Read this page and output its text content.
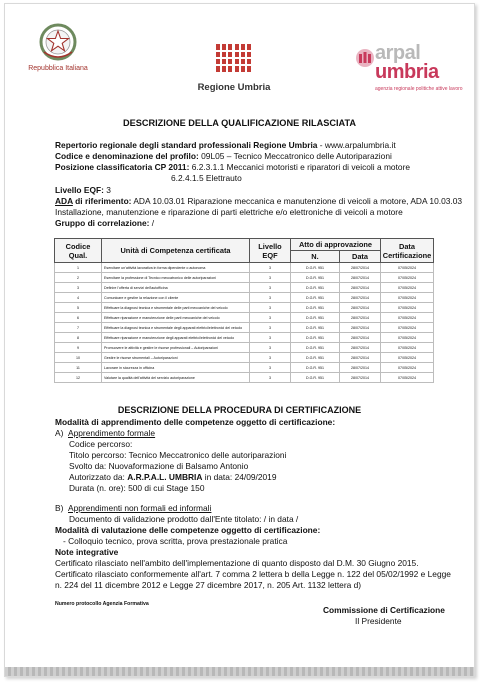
Repubblica Italiana
Regione Umbria
arpal
umbria
agenzia regionale politiche attive lavoro
DESCRIZIONE DELLA QUALIFICAZIONE RILASCIATA
Repertorio regionale degli standard professionali Regione Umbria - www.arpalumbria.it
Codice e denominazione del profilo: 09L05 – Tecnico Meccatronico delle Autoriparazioni
Posizione classificatoria CP 2011: 6.2.3.1.1 Meccanici motoristi e riparatori di veicoli a motore
6.2.4.1.5 Elettrauto
Livello EQF: 3
ADA di riferimento: ADA 10.03.01 Riparazione meccanica e manutenzione di veicoli a motore, ADA 10.03.03
Installazione, manutenzione e riparazione di parti elettriche e/o elettroniche di veicoli a motore
Gruppo di correlazione: /
Codice Qual.	Unità di Competenza certificata	Livello EQF	Atto di approvazione		Data Certificazione
			N.	Data	
1	Esercitare un'attività lavorativa in forma dipendente o autonoma	3	D.G.R. 951	28/07/2014	07/05/2024
2	Esercitare la professione di Tecnico meccatronico delle autoriparazioni	3	D.G.R. 951	28/07/2014	07/05/2024
3	Definire l'offerta di servizi dell'autofficina	3	D.G.R. 951	28/07/2014	07/05/2024
4	Comunicare e gestire la relazione con il cliente	3	D.G.R. 951	28/07/2014	07/05/2024
5	Effettuare la diagnosi tecnica e strumentale delle parti meccaniche del veicolo	3	D.G.R. 951	28/07/2014	07/05/2024
6	Effettuare riparazione e manutenzione delle parti meccaniche del veicolo	3	D.G.R. 951	28/07/2014	07/05/2024
7	Effettuare la diagnosi tecnica e strumentale degli apparati elettrici/elettronici del veicolo	3	D.G.R. 951	28/07/2014	07/05/2024
8	Effettuare riparazione e manutenzione degli apparati elettrici/elettronici del veicolo	3	D.G.R. 951	28/07/2014	07/05/2024
9	Promuovere le attività e gestire le risorse professionali – Autoriparazioni	3	D.G.R. 951	28/07/2014	07/05/2024
10	Gestire le risorse strumentali – Autoriparazioni	3	D.G.R. 951	28/07/2014	07/05/2024
11	Lavorare in sicurezza in officina	3	D.G.R. 951	28/07/2014	07/05/2024
12	Valutare la qualità dell'attività del servizio autoriparazione	3	D.G.R. 951	28/07/2014	07/05/2024
DESCRIZIONE DELLA PROCEDURA DI CERTIFICAZIONE
Modalità di apprendimento delle competenze oggetto di certificazione:
A) Apprendimento formale
Codice percorso:
Titolo percorso: Tecnico Meccatronico delle autoriparazioni
Svolto da: Nuovaformazione di Balsamo Antonio
Autorizzato da: A.R.P.A.L. UMBRIA in data: 24/09/2019
Durata (n. ore): 500 di cui Stage 150
B) Apprendimenti non formali ed informali
Documento di validazione prodotto dall'Ente titolato: / in data /
Modalità di valutazione delle competenze oggetto di certificazione:
- Colloquio tecnico, prova scritta, prova prestazionale pratica
Note integrative
Certificato rilasciato nell'ambito dell'implementazione di quanto disposto dal D.M. 30 Giugno 2015.
Certificato rilasciato conformemente all'art. 7 comma 2 lettera b della Legge n. 122 del 05/02/1992 e Legge
n. 224 del 11 dicembre 2012 e Legge 27 dicembre 2017, n. 205 Art. 1132 lettera d)
Numero protocollo Agenzia Formativa
Commissione di Certificazione
Il Presidente
